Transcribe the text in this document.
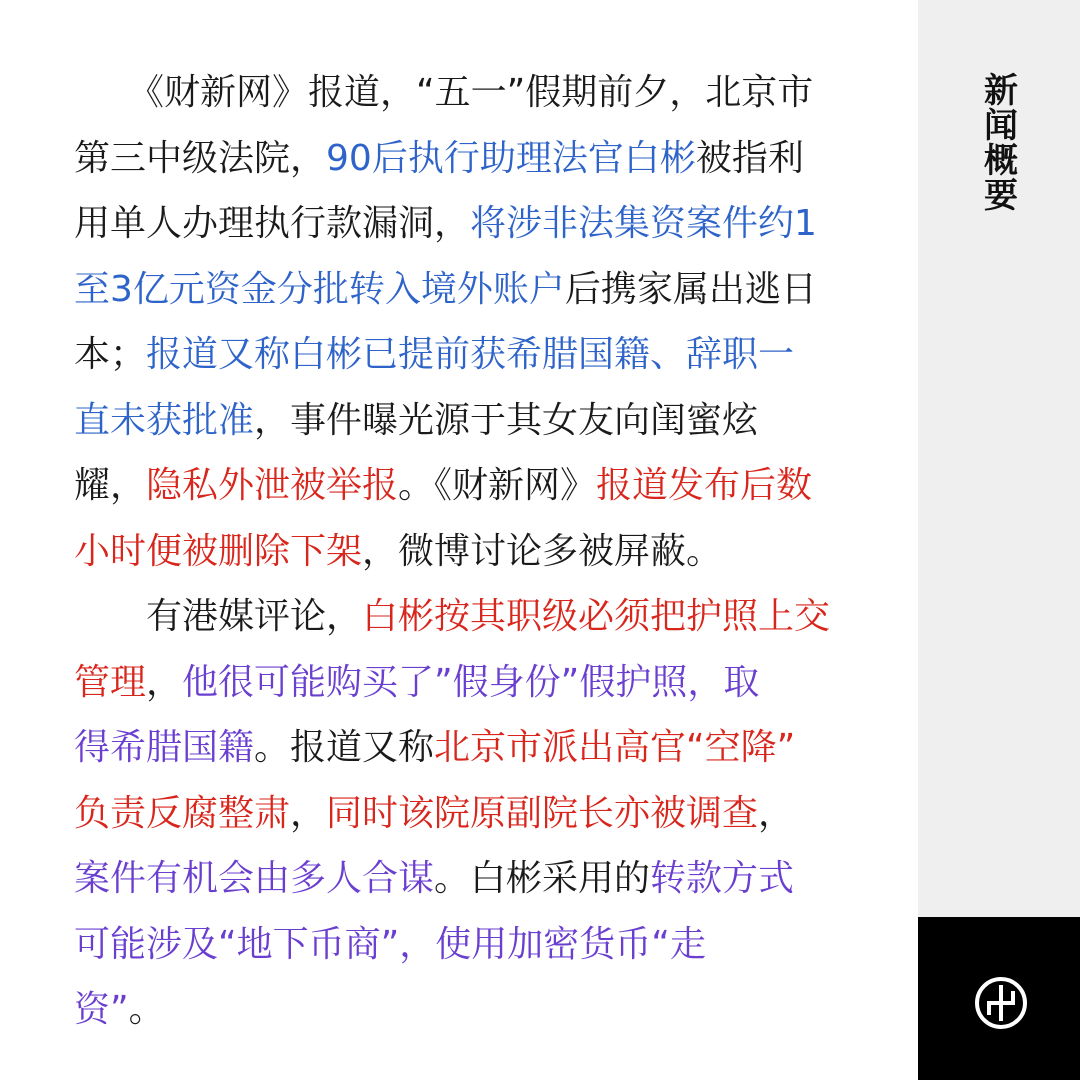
　　《财新网》报道，“五一”假期前夕，北京市
第三中级法院，90后执行助理法官白彬被指利
用单人办理执行款漏洞，将涉非法集资案件约1
至3亿元资金分批转入境外账户后携家属出逃日
本；报道又称白彬已提前获希腊国籍、辞职一
直未获批准，事件曝光源于其女友向闺蜜炫
耀，隐私外泄被举报。《财新网》报道发布后数
小时便被删除下架，微博讨论多被屏蔽。
　　有港媒评论，白彬按其职级必须把护照上交
管理，他很可能购买了”假身份”假护照，取
得希腊国籍。报道又称北京市派出高官“空降”
负责反腐整肃，同时该院原副院长亦被调查，
案件有机会由多人合谋。白彬采用的转款方式
可能涉及“地下币商”，使用加密货币“走
资”。
新闻概要
